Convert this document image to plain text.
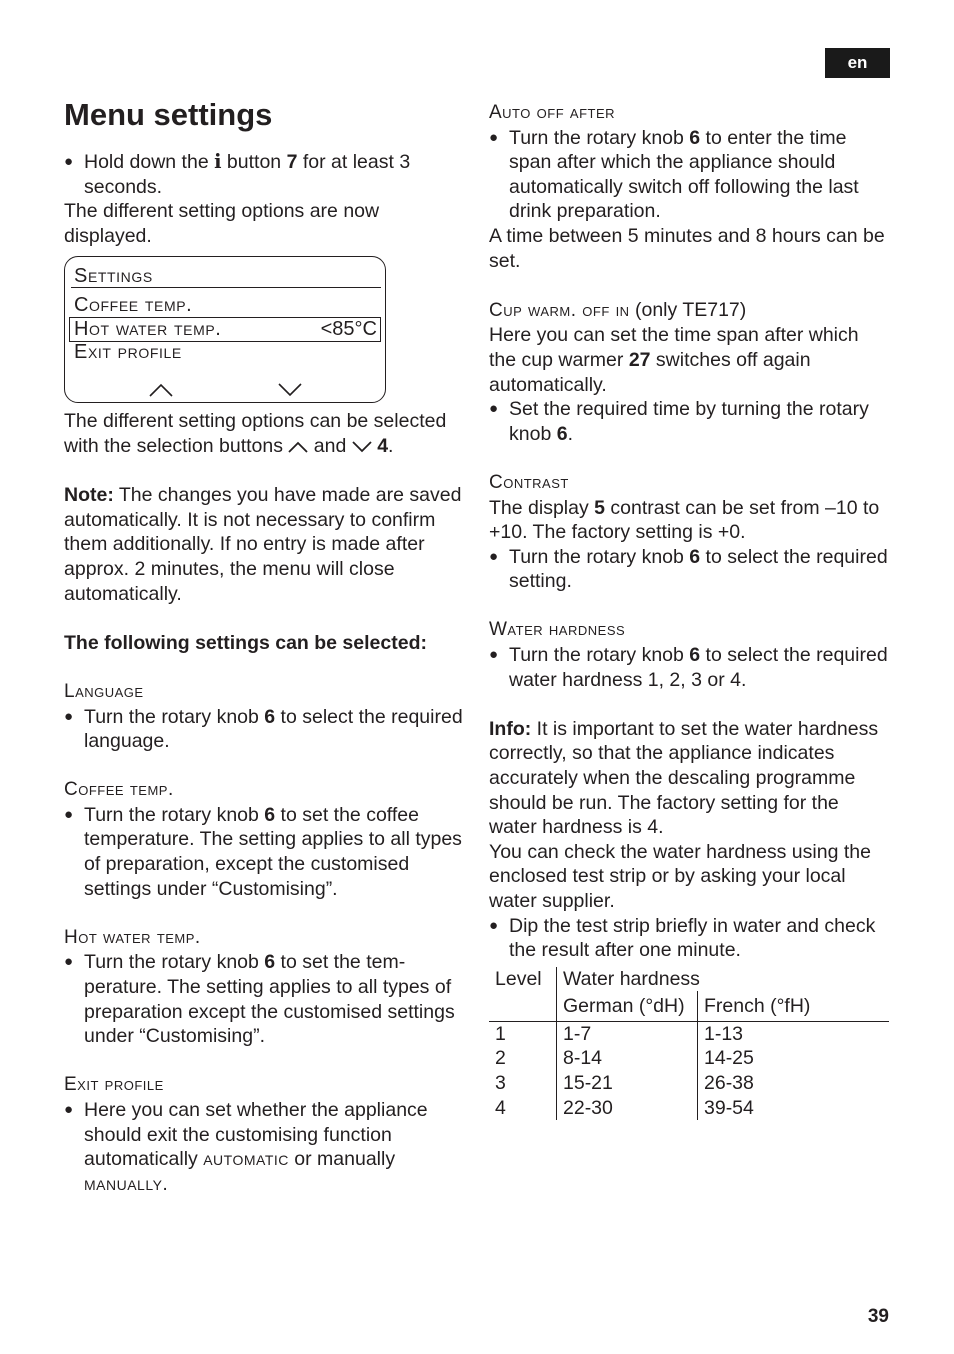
en
Menu settings

● Hold down the i button 7 for at least 3 seconds.

The different setting options are now displayed.

Settings
Coffee temp.
Hot water temp.	<85°C
Exit profile

The different setting options can be selected with the selection buttons  and  4.

Note: The changes you have made are saved automatically. It is not necessary to confirm them additionally. If no entry is made after approx. 2 minutes, the menu will close automatically.

The following settings can be selected:

Language

● Turn the rotary knob 6 to select the required language.

Coffee temp.

● Turn the rotary knob 6 to set the coffee temperature. The setting applies to all types of preparation, except the customised settings under “Customising”.

Hot water temp.

● Turn the rotary knob 6 to set the temperature. The setting applies to all types of preparation except the customised settings under “Customising”.

Exit profile

● Here you can set whether the appliance should exit the customising function automatically automatic or manually manually.

Auto off after

● Turn the rotary knob 6 to enter the time span after which the appliance should automatically switch off following the last drink preparation.

A time between 5 minutes and 8 hours can be set.

Cup warm. off in (only TE717)

Here you can set the time span after which the cup warmer 27 switches off again automatically.

● Set the required time by turning the rotary knob 6.

Contrast

The display 5 contrast can be set from –10 to +10. The factory setting is +0.

● Turn the rotary knob 6 to select the required setting.

Water hardness

● Turn the rotary knob 6 to select the required water hardness 1, 2, 3 or 4.

Info: It is important to set the water hardness correctly, so that the appliance indicates accurately when the descaling programme should be run. The factory setting for the water hardness is 4.

You can check the water hardness using the enclosed test strip or by asking your local water supplier.

● Dip the test strip briefly in water and check the result after one minute.

Level	Water hardness	
	German (°dH)	French (°fH)
1	1-7	1-13
2	8-14	14-25
3	15-21	26-38
4	22-30	39-54
39
